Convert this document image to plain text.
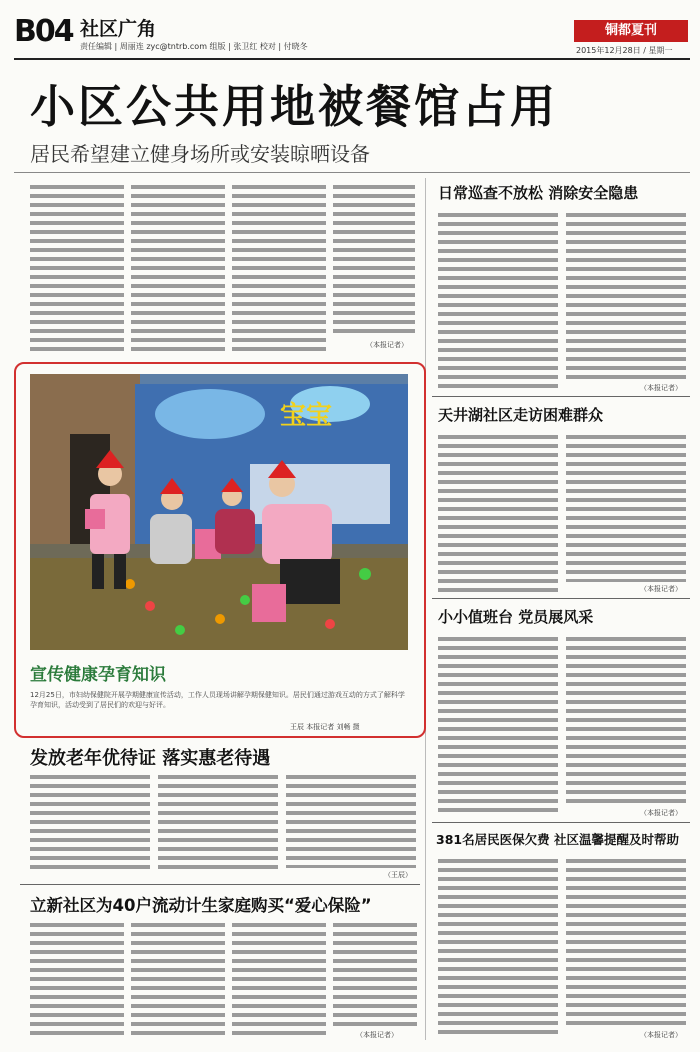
B04 社区广角
责任编辑 | 周丽连 zyc@tntrb.com 组版 | 张卫红 校对 | 付晓冬
铜都夏刊
2015年12月28日 / 星期一
小区公共用地被餐馆占用
居民希望建立健身场所或安装晾晒设备
（本报记者）
日常巡查不放松 消除安全隐患
（本报记者）
天井湖社区走访困难群众
（本报记者）
小小值班台 党员展风采
（本报记者）
381名居民医保欠费 社区温馨提醒及时帮助
（本报记者）
宝宝
宣传健康孕育知识
12月25日，市妇幼保健院开展孕期健康宣传活动，工作人员现场讲解孕期保健知识。居民们通过游戏互动的方式了解科学孕育知识，活动受到了居民们的欢迎与好评。
王辰 本报记者 刘畅 摄
发放老年优待证 落实惠老待遇
（王辰）
立新社区为40户流动计生家庭购买“爱心保险”
（本报记者）
